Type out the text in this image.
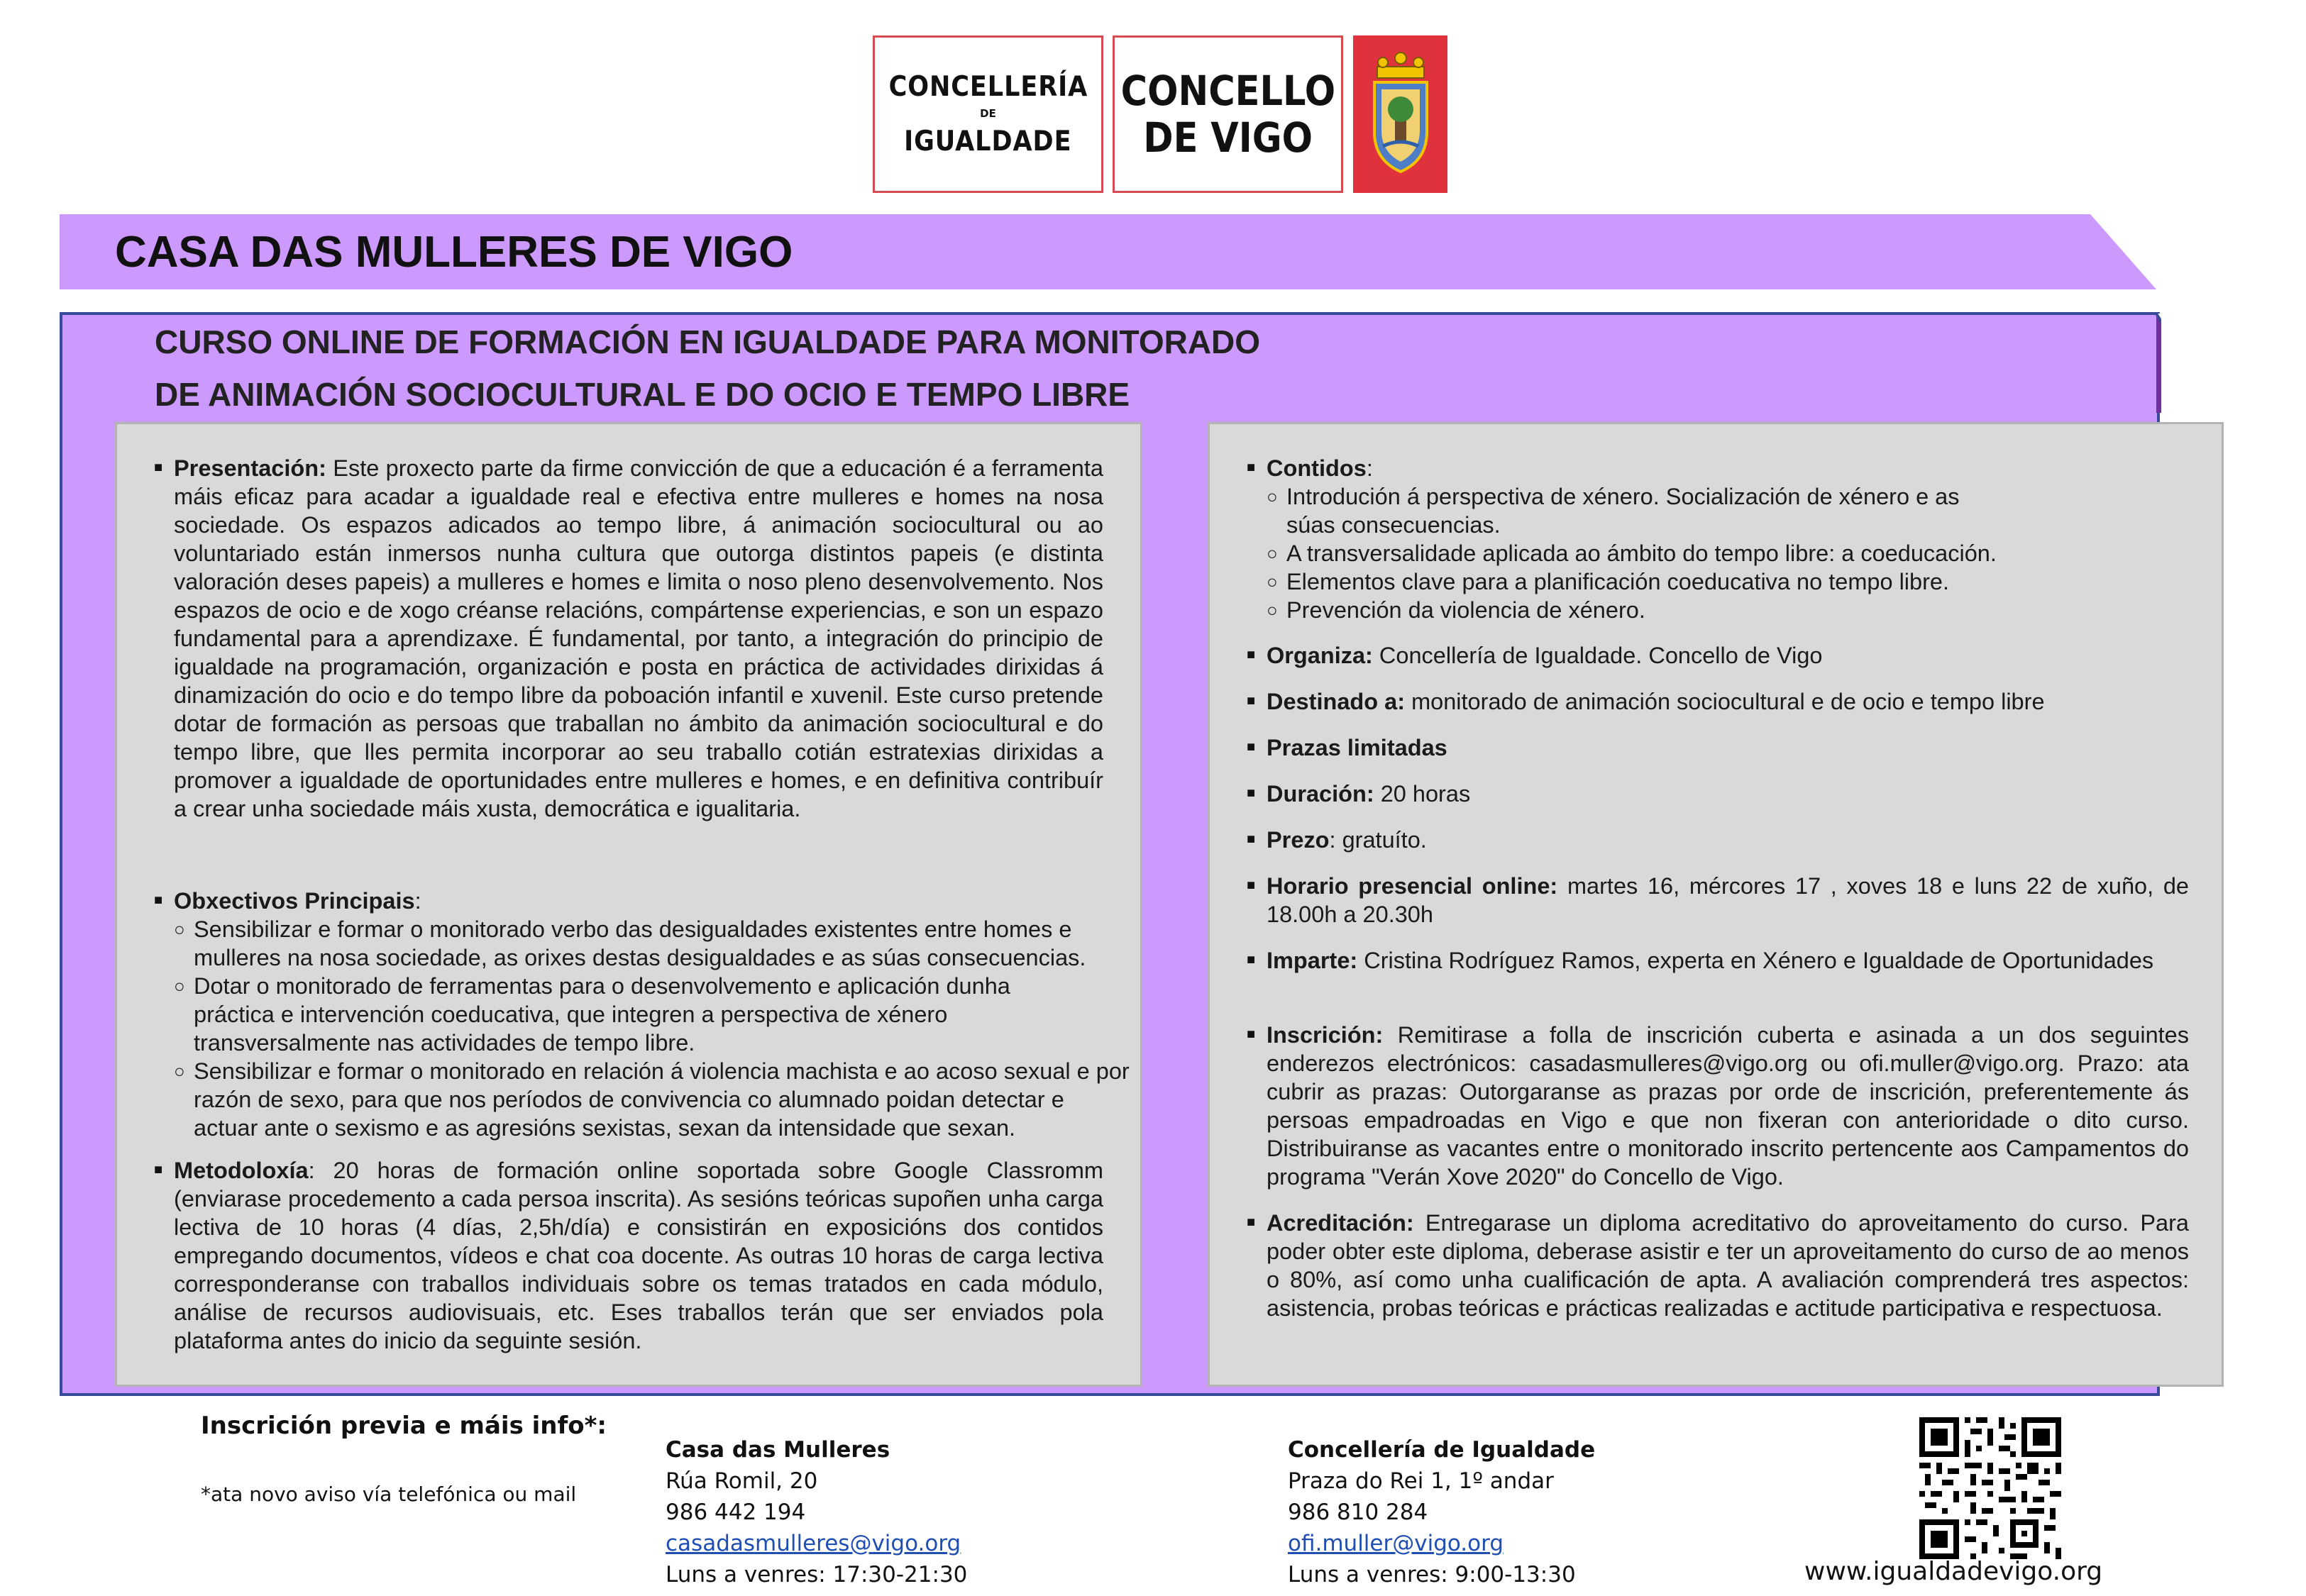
CONCELLERÍA
DE
IGUALDADE
CONCELLO
DE VIGO
CASA DAS MULLERES DE VIGO
CURSO ONLINE DE FORMACIÓN EN IGUALDADE PARA MONITORADO
DE ANIMACIÓN SOCIOCULTURAL E DO OCIO E TEMPO LIBRE
■ Presentación: Este proxecto parte da firme convicción de que a educación é a ferramenta máis eficaz para acadar a igualdade real e efectiva entre mulleres e homes na nosa sociedade. Os espazos adicados ao tempo libre, á animación sociocultural ou ao voluntariado están inmersos nunha cultura que outorga distintos papeis (e distinta valoración deses papeis) a mulleres e homes e limita o noso pleno desenvolvemento. Nos espazos de ocio e de xogo créanse relacións, compártense experiencias, e son un espazo fundamental para a aprendizaxe. É fundamental, por tanto, a integración do principio de igualdade na programación, organización e posta en práctica de actividades dirixidas á dinamización do ocio e do tempo libre da poboación infantil e xuvenil. Este curso pretende dotar de formación as persoas que traballan no ámbito da animación sociocultural e do tempo libre, que lles permita incorporar ao seu traballo cotián estratexias dirixidas a promover a igualdade de oportunidades entre mulleres e homes, e en definitiva contribuír a crear unha sociedade máis xusta, democrática e igualitaria.
■ Obxectivos Principais:
○ Sensibilizar e formar o monitorado verbo das desigualdades existentes entre homes e mulleres na nosa sociedade, as orixes destas desigualdades e as súas consecuencias.
○ Dotar o monitorado de ferramentas para o desenvolvemento e aplicación dunha práctica e intervención coeducativa, que integren a perspectiva de xénero transversalmente nas actividades de tempo libre.
○ Sensibilizar e formar o monitorado en relación á violencia machista e ao acoso sexual e por razón de sexo, para que nos períodos de convivencia co alumnado poidan detectar e actuar ante o sexismo e as agresións sexistas, sexan da intensidade que sexan.
■ Metodoloxía: 20 horas de formación online soportada sobre Google Classromm (enviarase procedemento a cada persoa inscrita). As sesións teóricas supoñen unha carga lectiva de 10 horas (4 días, 2,5h/día) e consistirán en exposicións dos contidos empregando documentos, vídeos e chat coa docente. As outras 10 horas de carga lectiva corresponderanse con traballos individuais sobre os temas tratados en cada módulo, análise de recursos audiovisuais, etc. Eses traballos terán que ser enviados pola plataforma antes do inicio da seguinte sesión.
■ Contidos:
○ Introdución á perspectiva de xénero. Socialización de xénero e as súas consecuencias.
○ A transversalidade aplicada ao ámbito do tempo libre: a coeducación.
○ Elementos clave para a planificación coeducativa no tempo libre.
○ Prevención da violencia de xénero.
■ Organiza: Concellería de Igualdade. Concello de Vigo
■ Destinado a: monitorado de animación sociocultural e de ocio e tempo libre
■ Prazas limitadas
■ Duración: 20 horas
■ Prezo: gratuíto.
■ Horario presencial online: martes 16, mércores 17 , xoves 18 e luns 22 de xuño, de 18.00h a 20.30h
■ Imparte: Cristina Rodríguez Ramos, experta en Xénero e Igualdade de Oportunidades
■ Inscrición: Remitirase a folla de inscrición cuberta e asinada a un dos seguintes enderezos electrónicos: casadasmulleres@vigo.org ou ofi.muller@vigo.org. Prazo: ata cubrir as prazas: Outorgaranse as prazas por orde de inscrición, preferentemente ás persoas empadroadas en Vigo e que non fixeran con anterioridade o dito curso. Distribuiranse as vacantes entre o monitorado inscrito pertencente aos Campamentos do programa "Verán Xove 2020" do Concello de Vigo.
■ Acreditación: Entregarase un diploma acreditativo do aproveitamento do curso. Para poder obter este diploma, deberase asistir e ter un aproveitamento do curso de ao menos o 80%, así como unha cualificación de apta. A avaliación comprenderá tres aspectos: asistencia, probas teóricas e prácticas realizadas e actitude participativa e respectuosa.
Inscrición previa e máis info*:
*ata novo aviso vía telefónica ou mail
Casa das Mulleres
Rúa Romil, 20
986 442 194
casadasmulleres@vigo.org
Luns a venres: 17:30-21:30
Concellería de Igualdade
Praza do Rei 1, 1º andar
986 810 284
ofi.muller@vigo.org
Luns a venres: 9:00-13:30	www.igualdadevigo.org
